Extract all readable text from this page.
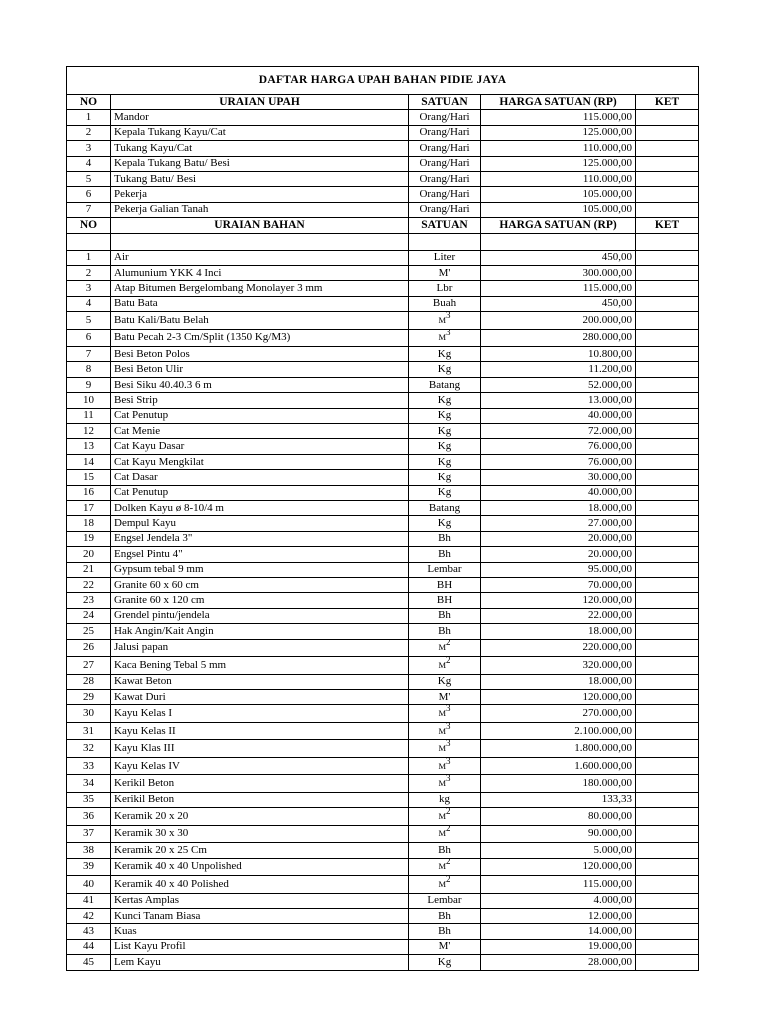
DAFTAR HARGA UPAH BAHAN PIDIE JAYA				
NO	URAIAN UPAH	SATUAN	HARGA SATUAN (RP)	KET
1	Mandor	Orang/Hari	115.000,00	
2	Kepala Tukang Kayu/Cat	Orang/Hari	125.000,00	
3	Tukang Kayu/Cat	Orang/Hari	110.000,00	
4	Kepala Tukang Batu/ Besi	Orang/Hari	125.000,00	
5	Tukang Batu/ Besi	Orang/Hari	110.000,00	
6	Pekerja	Orang/Hari	105.000,00	
7	Pekerja Galian Tanah	Orang/Hari	105.000,00	
NO	URAIAN BAHAN	SATUAN	HARGA SATUAN (RP)	KET

1	Air	Liter	450,00	
2	Alumunium YKK 4 Inci	M'	300.000,00	
3	Atap Bitumen Bergelombang Monolayer 3 mm	Lbr	115.000,00	
4	Batu Bata	Buah	450,00	
5	Batu Kali/Batu Belah	$M^3$	200.000,00	
6	Batu Pecah 2-3 Cm/Split (1350 Kg/M3)	$M^3$	280.000,00	
7	Besi Beton Polos	Kg	10.800,00	
8	Besi Beton Ulir	Kg	11.200,00	
9	Besi Siku 40.40.3 6 m	Batang	52.000,00	
10	Besi Strip	Kg	13.000,00	
11	Cat Penutup	Kg	40.000,00	
12	Cat Menie	Kg	72.000,00	
13	Cat Kayu Dasar	Kg	76.000,00	
14	Cat Kayu Mengkilat	Kg	76.000,00	
15	Cat Dasar	Kg	30.000,00	
16	Cat Penutup	Kg	40.000,00	
17	Dolken Kayu ø 8-10/4 m	Batang	18.000,00	
18	Dempul Kayu	Kg	27.000,00	
19	Engsel Jendela 3"	Bh	20.000,00	
20	Engsel Pintu 4"	Bh	20.000,00	
21	Gypsum tebal 9 mm	Lembar	95.000,00	
22	Granite 60 x 60 cm	BH	70.000,00	
23	Granite 60 x 120 cm	BH	120.000,00	
24	Grendel pintu/jendela	Bh	22.000,00	
25	Hak Angin/Kait Angin	Bh	18.000,00	
26	Jalusi papan	$M^2$	220.000,00	
27	Kaca Bening Tebal 5 mm	$M^2$	320.000,00	
28	Kawat Beton	Kg	18.000,00	
29	Kawat Duri	M'	120.000,00	
30	Kayu Kelas I	$M^3$	270.000,00	
31	Kayu Kelas II	$M^3$	2.100.000,00	
32	Kayu Klas III	$M^3$	1.800.000,00	
33	Kayu Kelas IV	$M^3$	1.600.000,00	
34	Kerikil Beton	$M^3$	180.000,00	
35	Kerikil Beton	kg	133,33	
36	Keramik 20 x 20	$M^2$	80.000,00	
37	Keramik 30 x 30	$M^2$	90.000,00	
38	Keramik 20 x 25 Cm	Bh	5.000,00	
39	Keramik 40 x 40 Unpolished	$M^2$	120.000,00	
40	Keramik 40 x 40 Polished	$M^2$	115.000,00	
41	Kertas Amplas	Lembar	4.000,00	
42	Kunci Tanam Biasa	Bh	12.000,00	
43	Kuas	Bh	14.000,00	
44	List Kayu Profil	M'	19.000,00	
45	Lem Kayu	Kg	28.000,00	
